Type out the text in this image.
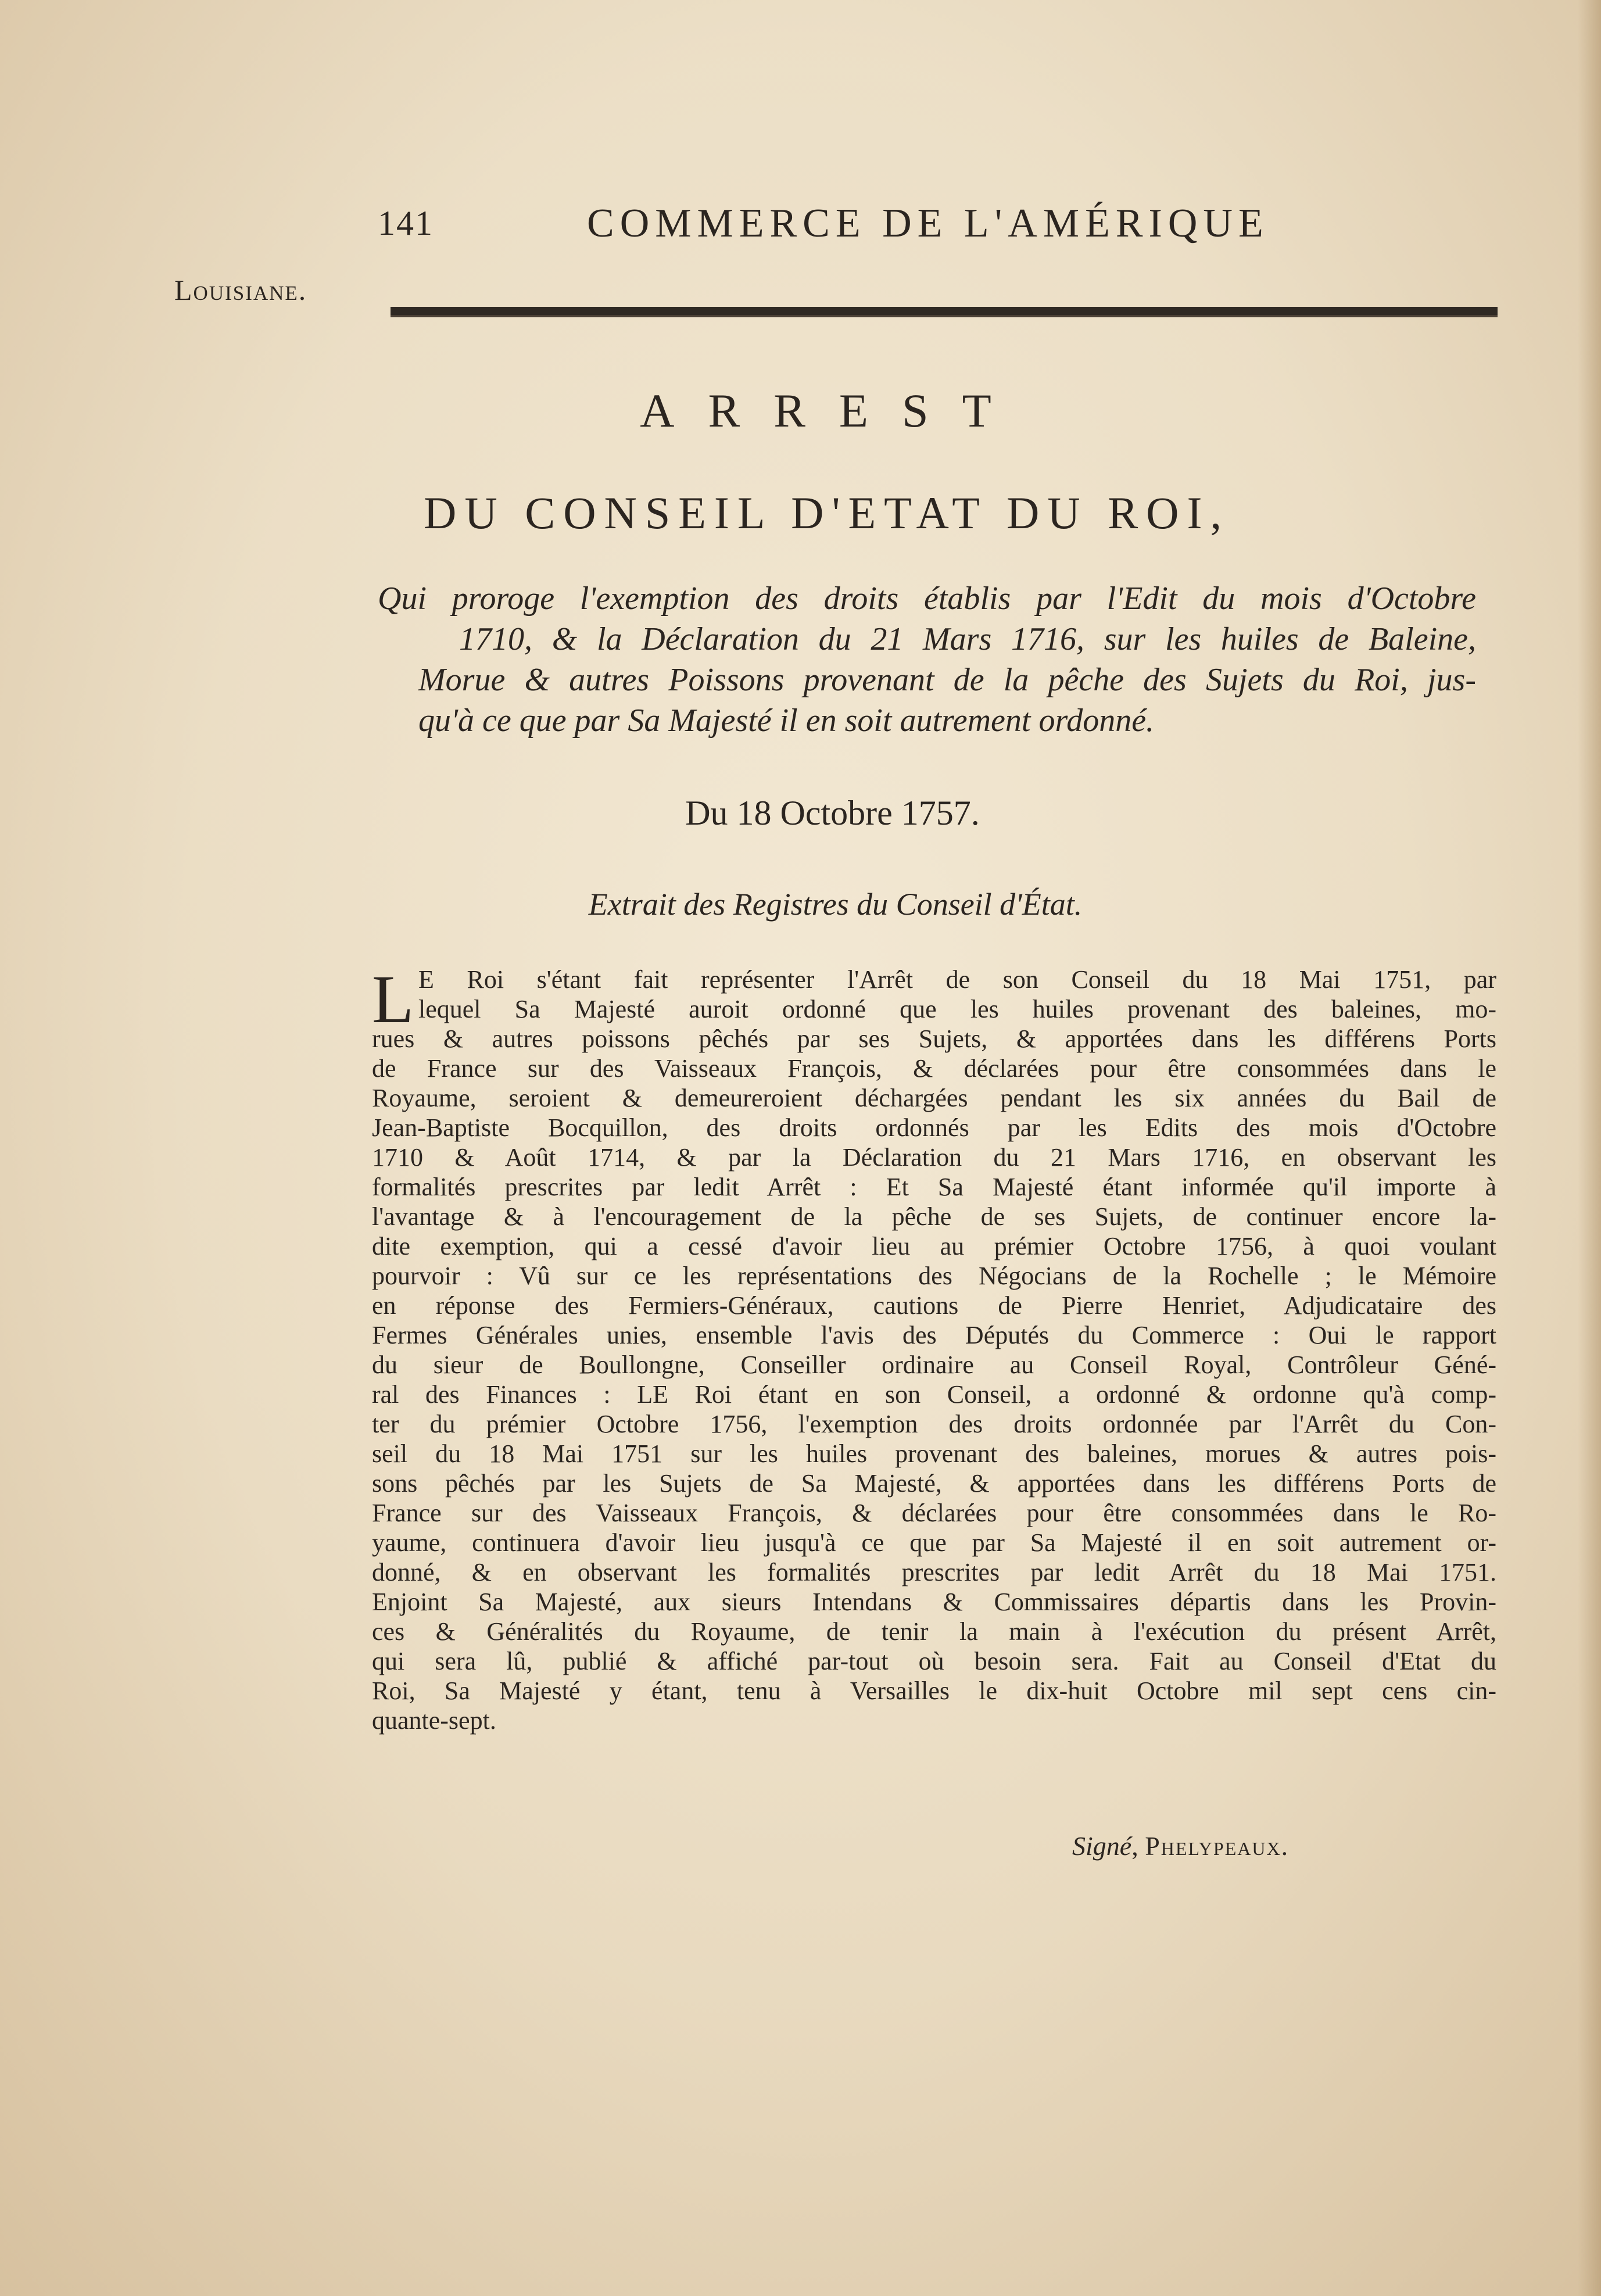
141	COMMERCE DE L'AMÉRIQUE
Louisiane.
ARREST
DU CONSEIL D'ETAT DU ROI,
Qui proroge l'exemption des droits établis par l'Edit du mois d'Octobre
1710, & la Déclaration du 21 Mars 1716, sur les huiles de Baleine,
Morue & autres Poissons provenant de la pêche des Sujets du Roi, jus-
qu'à ce que par Sa Majesté il en soit autrement ordonné.
Du 18 Octobre 1757.
Extrait des Registres du Conseil d'État.
L E Roi s'étant fait représenter l'Arrêt de son Conseil du 18 Mai 1751, par
lequel Sa Majesté auroit ordonné que les huiles provenant des baleines, mo-
rues & autres poissons pêchés par ses Sujets, & apportées dans les différens Ports
de France sur des Vaisseaux François, & déclarées pour être consommées dans le
Royaume, seroient & demeureroient déchargées pendant les six années du Bail de
Jean-Baptiste Bocquillon, des droits ordonnés par les Edits des mois d'Octobre
1710 & Août 1714, & par la Déclaration du 21 Mars 1716, en observant les
formalités prescrites par ledit Arrêt : Et Sa Majesté étant informée qu'il importe à
l'avantage & à l'encouragement de la pêche de ses Sujets, de continuer encore la-
dite exemption, qui a cessé d'avoir lieu au prémier Octobre 1756, à quoi voulant
pourvoir : Vû sur ce les représentations des Négocians de la Rochelle ; le Mémoire
en réponse des Fermiers-Généraux, cautions de Pierre Henriet, Adjudicataire des
Fermes Générales unies, ensemble l'avis des Députés du Commerce : Oui le rapport
du sieur de Boullongne, Conseiller ordinaire au Conseil Royal, Contrôleur Géné-
ral des Finances : LE Roi étant en son Conseil, a ordonné & ordonne qu'à comp-
ter du prémier Octobre 1756, l'exemption des droits ordonnée par l'Arrêt du Con-
seil du 18 Mai 1751 sur les huiles provenant des baleines, morues & autres pois-
sons pêchés par les Sujets de Sa Majesté, & apportées dans les différens Ports de
France sur des Vaisseaux François, & déclarées pour être consommées dans le Ro-
yaume, continuera d'avoir lieu jusqu'à ce que par Sa Majesté il en soit autrement or-
donné, & en observant les formalités prescrites par ledit Arrêt du 18 Mai 1751.
Enjoint Sa Majesté, aux sieurs Intendans & Commissaires départis dans les Provin-
ces & Généralités du Royaume, de tenir la main à l'exécution du présent Arrêt,
qui sera lû, publié & affiché par-tout où besoin sera. Fait au Conseil d'Etat du
Roi, Sa Majesté y étant, tenu à Versailles le dix-huit Octobre mil sept cens cin-
quante-sept.
Signé, Phelypeaux.
